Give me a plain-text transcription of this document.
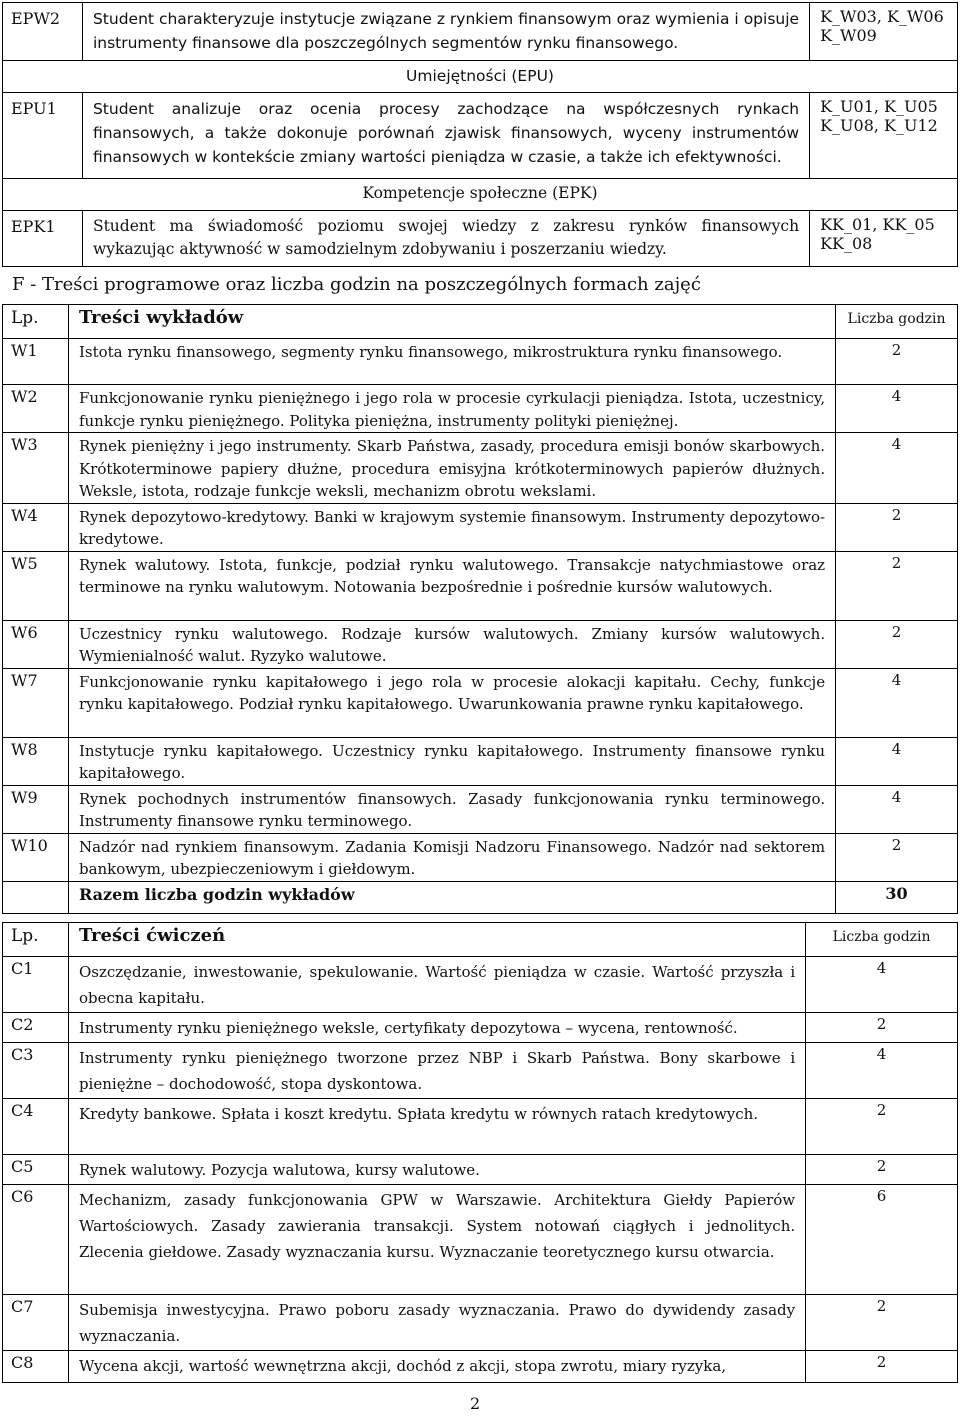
EPW2	Student charakteryzuje instytucje związane z rynkiem finansowym oraz wymienia i opisuje instrumenty finansowe dla poszczególnych segmentów rynku finansowego.	K_W03, K_W06
K_W09

Umiejętności (EPU)		
EPU1	Student analizuje oraz ocenia procesy zachodzące na współczesnych rynkach finansowych, a także dokonuje porównań zjawisk finansowych, wyceny instrumentów finansowych w kontekście zmiany wartości pieniądza w czasie, a także ich efektywności.	K_U01, K_U05
K_U08, K_U12

Kompetencje społeczne (EPK)		
EPK1	Student ma świadomość poziomu swojej wiedzy z zakresu rynków finansowych wykazując aktywność w samodzielnym zdobywaniu i poszerzaniu wiedzy.	KK_01, KK_05
KK_08
F - Treści programowe oraz liczba godzin na poszczególnych formach zajęć
Lp.	Treści wykładów	Liczba godzin
W1	Istota rynku finansowego, segmenty rynku finansowego, mikrostruktura rynku finansowego.	2
W2	Funkcjonowanie rynku pieniężnego i jego rola w procesie cyrkulacji pieniądza. Istota, uczestnicy, funkcje rynku pieniężnego. Polityka pieniężna, instrumenty polityki pieniężnej.	4
W3	Rynek pieniężny i jego instrumenty. Skarb Państwa, zasady, procedura emisji bonów skarbowych. Krótkoterminowe papiery dłużne, procedura emisyjna krótkoterminowych papierów dłużnych. Weksle, istota, rodzaje funkcje weksli, mechanizm obrotu wekslami.	4
W4	Rynek depozytowo-kredytowy. Banki w krajowym systemie finansowym. Instrumenty depozytowo-kredytowe.	2
W5	Rynek walutowy. Istota, funkcje, podział rynku walutowego. Transakcje natychmiastowe oraz terminowe na rynku walutowym. Notowania bezpośrednie i pośrednie kursów walutowych.	2
W6	Uczestnicy rynku walutowego. Rodzaje kursów walutowych. Zmiany kursów walutowych. Wymienialność walut. Ryzyko walutowe.	2
W7	Funkcjonowanie rynku kapitałowego i jego rola w procesie alokacji kapitału. Cechy, funkcje rynku kapitałowego. Podział rynku kapitałowego. Uwarunkowania prawne rynku kapitałowego.	4
W8	Instytucje rynku kapitałowego. Uczestnicy rynku kapitałowego. Instrumenty finansowe rynku kapitałowego.	4
W9	Rynek pochodnych instrumentów finansowych. Zasady funkcjonowania rynku terminowego. Instrumenty finansowe rynku terminowego.	4
W10	Nadzór nad rynkiem finansowym. Zadania Komisji Nadzoru Finansowego. Nadzór nad sektorem bankowym, ubezpieczeniowym i giełdowym.	2
	Razem liczba godzin wykładów	30
Lp.	Treści ćwiczeń	Liczba godzin
C1	Oszczędzanie, inwestowanie, spekulowanie. Wartość pieniądza w czasie. Wartość przyszła i obecna kapitału.	4
C2	Instrumenty rynku pieniężnego weksle, certyfikaty depozytowa – wycena, rentowność.	2
C3	Instrumenty rynku pieniężnego tworzone przez NBP i Skarb Państwa. Bony skarbowe i pieniężne – dochodowość, stopa dyskontowa.	4
C4	Kredyty bankowe. Spłata i koszt kredytu. Spłata kredytu w równych ratach kredytowych.	2
C5	Rynek walutowy. Pozycja walutowa, kursy walutowe.	2
C6	Mechanizm, zasady funkcjonowania GPW w Warszawie. Architektura Giełdy Papierów Wartościowych. Zasady zawierania transakcji. System notowań ciągłych i jednolitych. Zlecenia giełdowe. Zasady wyznaczania kursu. Wyznaczanie teoretycznego kursu otwarcia.	6
C7	Subemisja inwestycyjna. Prawo poboru zasady wyznaczania. Prawo do dywidendy zasady wyznaczania.	2
C8	Wycena akcji, wartość wewnętrzna akcji, dochód z akcji, stopa zwrotu, miary ryzyka,	2
2
